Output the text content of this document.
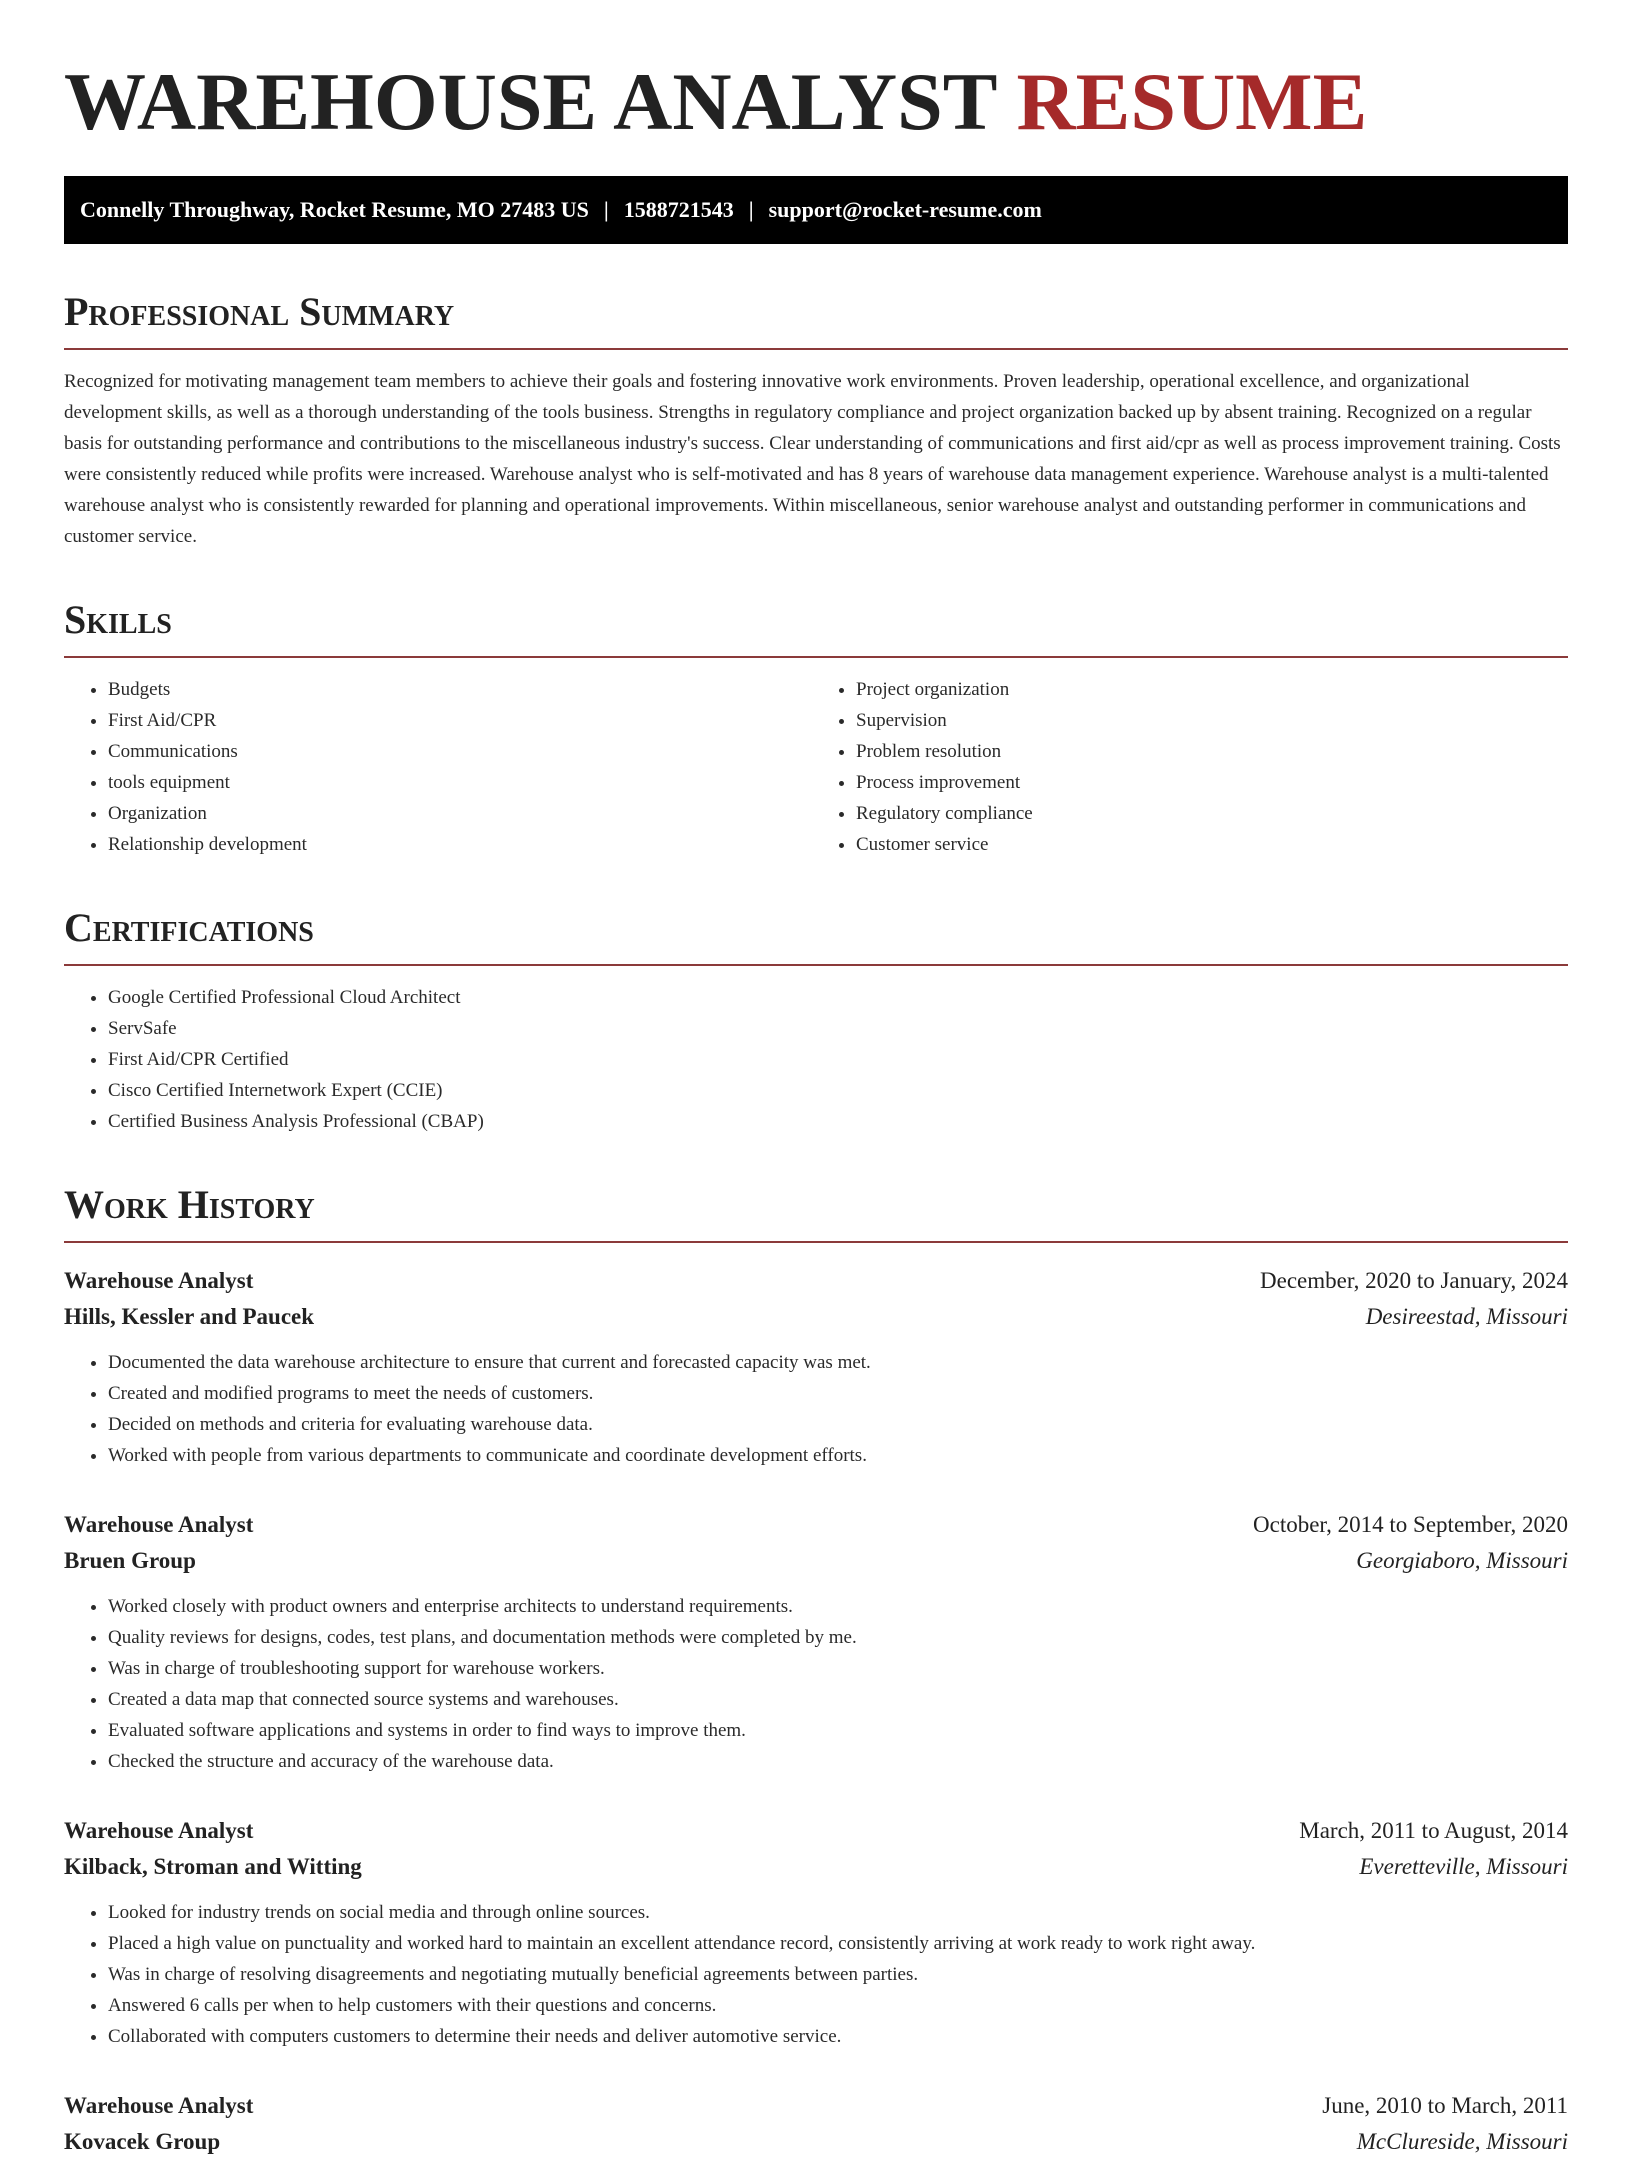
WAREHOUSE ANALYST RESUME
Connelly Throughway, Rocket Resume, MO 27483 US | 1588721543 | support@rocket-resume.com
Professional Summary

Recognized for motivating management team members to achieve their goals and fostering innovative work environments. Proven leadership, operational excellence, and organizational development skills, as well as a thorough understanding of the tools business. Strengths in regulatory compliance and project organization backed up by absent training. Recognized on a regular basis for outstanding performance and contributions to the miscellaneous industry's success. Clear understanding of communications and first aid/cpr as well as process improvement training. Costs were consistently reduced while profits were increased. Warehouse analyst who is self-motivated and has 8 years of warehouse data management experience. Warehouse analyst is a multi-talented warehouse analyst who is consistently rewarded for planning and operational improvements. Within miscellaneous, senior warehouse analyst and outstanding performer in communications and customer service.

Skills
• Budgets
• First Aid/CPR
• Communications
• tools equipment
• Organization
• Relationship development
• Project organization
• Supervision
• Problem resolution
• Process improvement
• Regulatory compliance
• Customer service
Certifications
• Google Certified Professional Cloud Architect
• ServSafe
• First Aid/CPR Certified
• Cisco Certified Internetwork Expert (CCIE)
• Certified Business Analysis Professional (CBAP)
Work History
Warehouse Analyst	December, 2020 to January, 2024
Hills, Kessler and Paucek	Desireestad, Missouri
• Documented the data warehouse architecture to ensure that current and forecasted capacity was met.
• Created and modified programs to meet the needs of customers.
• Decided on methods and criteria for evaluating warehouse data.
• Worked with people from various departments to communicate and coordinate development efforts.
Warehouse Analyst	October, 2014 to September, 2020
Bruen Group	Georgiaboro, Missouri
• Worked closely with product owners and enterprise architects to understand requirements.
• Quality reviews for designs, codes, test plans, and documentation methods were completed by me.
• Was in charge of troubleshooting support for warehouse workers.
• Created a data map that connected source systems and warehouses.
• Evaluated software applications and systems in order to find ways to improve them.
• Checked the structure and accuracy of the warehouse data.
Warehouse Analyst	March, 2011 to August, 2014
Kilback, Stroman and Witting	Everetteville, Missouri
• Looked for industry trends on social media and through online sources.
• Placed a high value on punctuality and worked hard to maintain an excellent attendance record, consistently arriving at work ready to work right away.
• Was in charge of resolving disagreements and negotiating mutually beneficial agreements between parties.
• Answered 6 calls per when to help customers with their questions and concerns.
• Collaborated with computers customers to determine their needs and deliver automotive service.
Warehouse Analyst	June, 2010 to March, 2011
Kovacek Group	McClureside, Missouri
